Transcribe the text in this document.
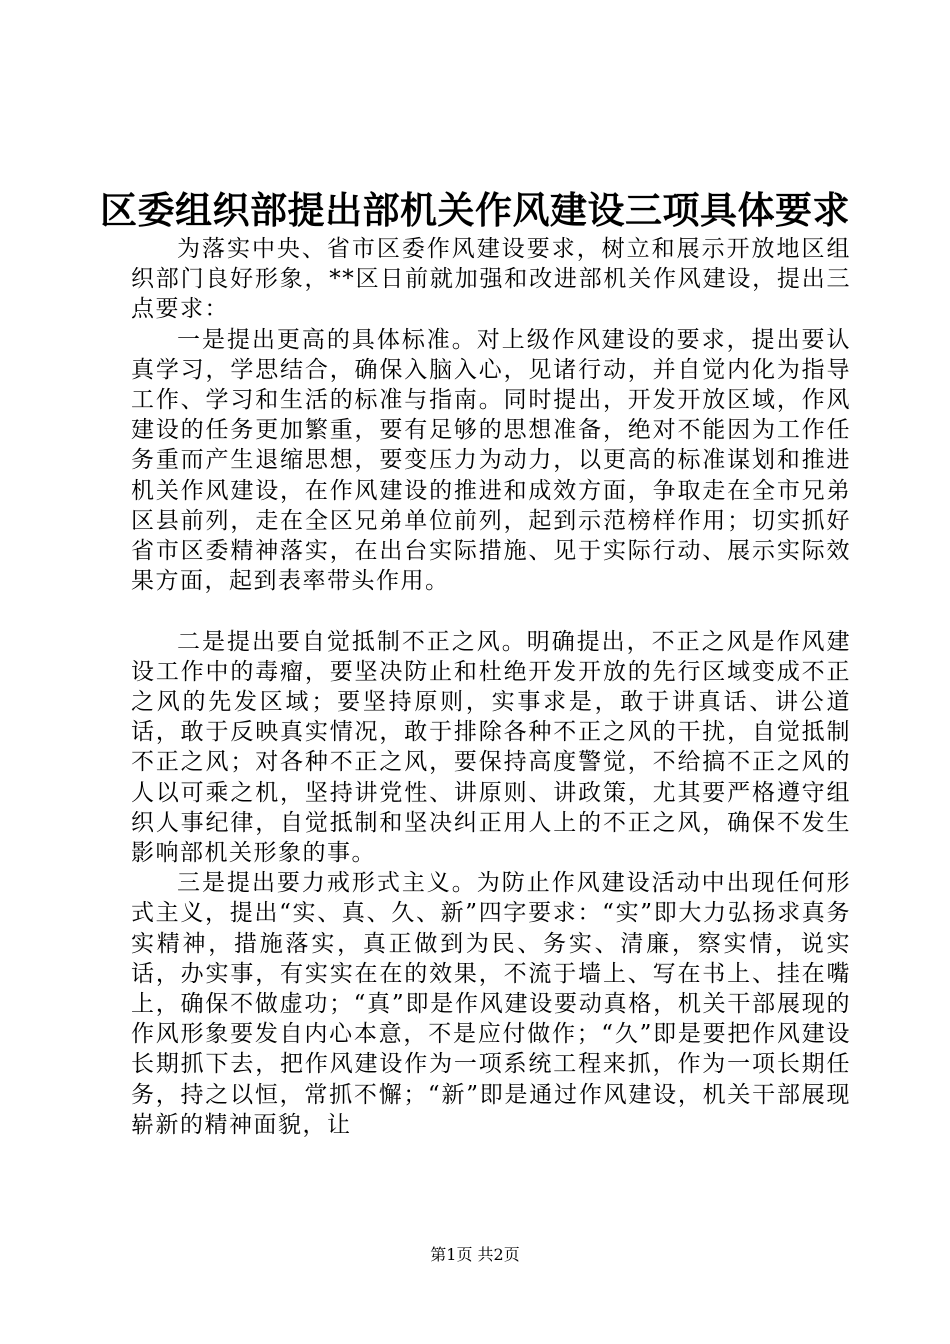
区委组织部提出部机关作风建设三项具体要求

为落实中央、省市区委作风建设要求，树立和展示开放地区组织部门良好形象，**区日前就加强和改进部机关作风建设，提出三点要求：

一是提出更高的具体标准。对上级作风建设的要求，提出要认真学习，学思结合，确保入脑入心，见诸行动，并自觉内化为指导工作、学习和生活的标准与指南。同时提出，开发开放区域，作风建设的任务更加繁重，要有足够的思想准备，绝对不能因为工作任务重而产生退缩思想，要变压力为动力，以更高的标准谋划和推进机关作风建设，在作风建设的推进和成效方面，争取走在全市兄弟区县前列，走在全区兄弟单位前列，起到示范榜样作用；切实抓好省市区委精神落实，在出台实际措施、见于实际行动、展示实际效果方面，起到表率带头作用。

二是提出要自觉抵制不正之风。明确提出，不正之风是作风建设工作中的毒瘤，要坚决防止和杜绝开发开放的先行区域变成不正之风的先发区域；要坚持原则，实事求是，敢于讲真话、讲公道话，敢于反映真实情况，敢于排除各种不正之风的干扰，自觉抵制不正之风；对各种不正之风，要保持高度警觉，不给搞不正之风的人以可乘之机，坚持讲党性、讲原则、讲政策，尤其要严格遵守组织人事纪律，自觉抵制和坚决纠正用人上的不正之风，确保不发生影响部机关形象的事。

三是提出要力戒形式主义。为防止作风建设活动中出现任何形式主义，提出“实、真、久、新”四字要求：“实”即大力弘扬求真务实精神，措施落实，真正做到为民、务实、清廉，察实情，说实话，办实事，有实实在在的效果，不流于墙上、写在书上、挂在嘴上，确保不做虚功；“真”即是作风建设要动真格，机关干部展现的作风形象要发自内心本意，不是应付做作；“久”即是要把作风建设长期抓下去，把作风建设作为一项系统工程来抓，作为一项长期任务，持之以恒，常抓不懈；“新”即是通过作风建设，机关干部展现崭新的精神面貌，让

第1页 共2页
